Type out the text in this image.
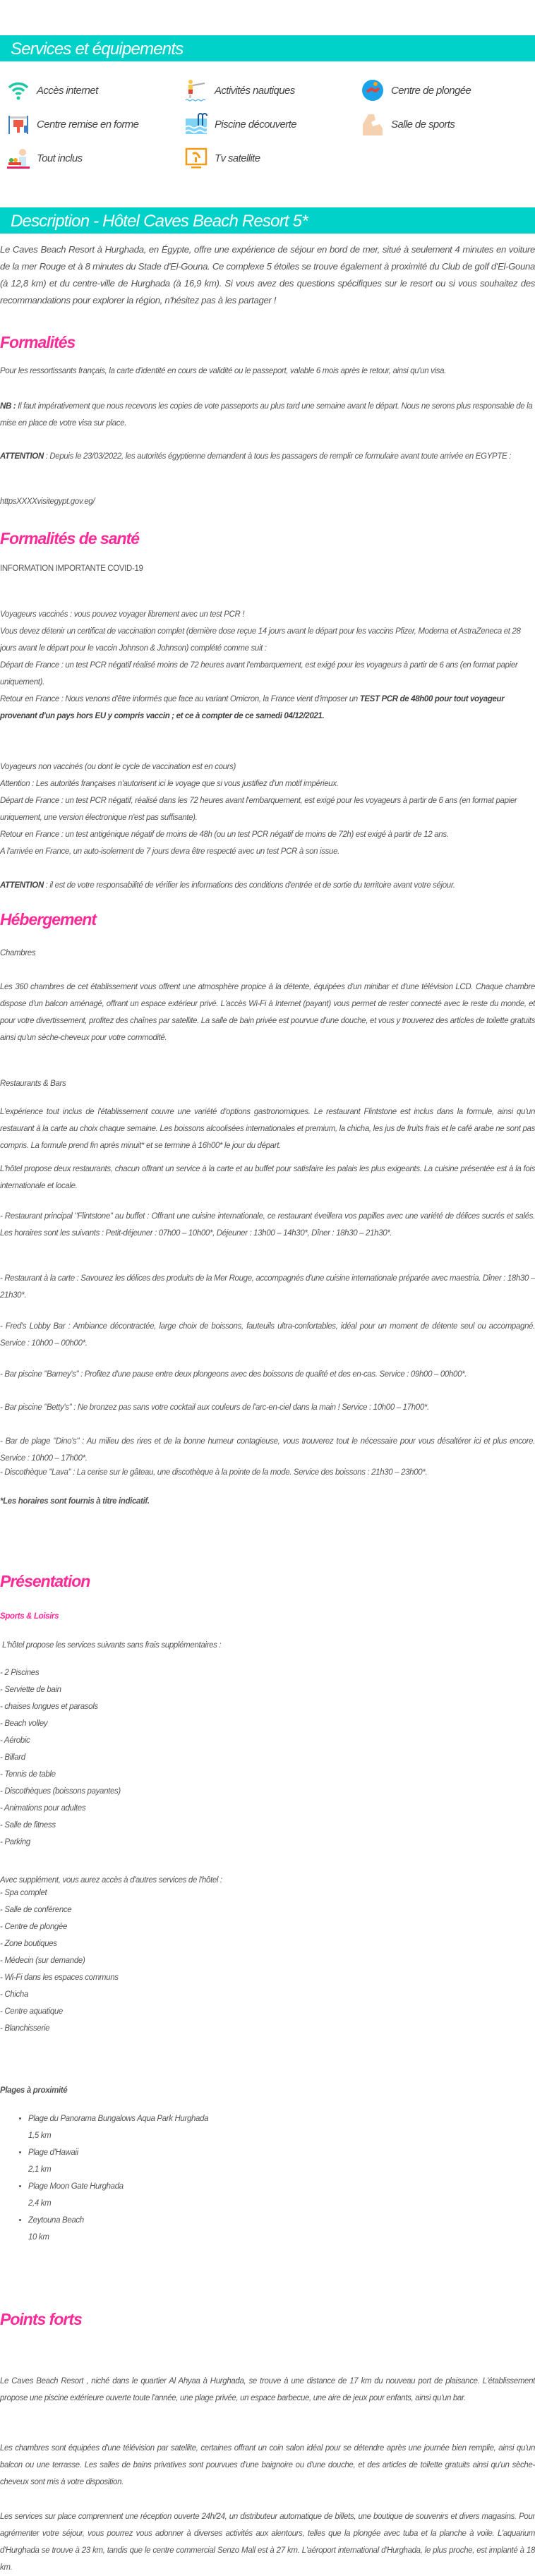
Services et équipements
Accès internet	Activités nautiques	Centre de plongée
Centre remise en forme	Piscine découverte	Salle de sports
Tout inclus	Tv satellite
Description - Hôtel Caves Beach Resort 5*

Le Caves Beach Resort à Hurghada, en Égypte, offre une expérience de séjour en bord de mer, situé à seulement 4 minutes en voiture de la mer Rouge et à 8 minutes du Stade d'El-Gouna. Ce complexe 5 étoiles se trouve également à proximité du Club de golf d'El-Gouna (à 12,8 km) et du centre-ville de Hurghada (à 16,9 km). Si vous avez des questions spécifiques sur le resort ou si vous souhaitez des recommandations pour explorer la région, n'hésitez pas à les partager !

Formalités

Pour les ressortissants français, la carte d'identité en cours de validité ou le passeport, valable 6 mois après le retour, ainsi qu'un visa.

NB : Il faut impérativement que nous recevons les copies de vote passeports au plus tard une semaine avant le départ. Nous ne serons plus responsable de la mise en place de votre visa sur place.

ATTENTION : Depuis le 23/03/2022, les autorités égyptienne demandent à tous les passagers de remplir ce formulaire avant toute arrivée en EGYPTE :

httpsXXXXvisitegypt.gov.eg/

Formalités de santé

INFORMATION IMPORTANTE COVID-19

Voyageurs vaccinés : vous pouvez voyager librement avec un test PCR !

Vous devez détenir un certificat de vaccination complet (dernière dose reçue 14 jours avant le départ pour les vaccins Pfizer, Moderna et AstraZeneca et 28 jours avant le départ pour le vaccin Johnson & Johnson) complété comme suit :

Départ de France : un test PCR négatif réalisé moins de 72 heures avant l'embarquement, est exigé pour les voyageurs à partir de 6 ans (en format papier uniquement).

Retour en France : Nous venons d'être informés que face au variant Omicron, la France vient d'imposer un TEST PCR de 48h00 pour tout voyageur provenant d'un pays hors EU y compris vaccin ; et ce à compter de ce samedi 04/12/2021.

Voyageurs non vaccinés (ou dont le cycle de vaccination est en cours)

Attention : Les autorités françaises n'autorisent ici le voyage que si vous justifiez d'un motif impérieux.

Départ de France : un test PCR négatif, réalisé dans les 72 heures avant l'embarquement, est exigé pour les voyageurs à partir de 6 ans (en format papier uniquement, une version électronique n'est pas suffisante).

Retour en France : un test antigénique négatif de moins de 48h (ou un test PCR négatif de moins de 72h) est exigé à partir de 12 ans.

A l'arrivée en France, un auto-isolement de 7 jours devra être respecté avec un test PCR à son issue.

ATTENTION : il est de votre responsabilité de vérifier les informations des conditions d'entrée et de sortie du territoire avant votre séjour.

Hébergement

Chambres

Les 360 chambres de cet établissement vous offrent une atmosphère propice à la détente, équipées d'un minibar et d'une télévision LCD. Chaque chambre dispose d'un balcon aménagé, offrant un espace extérieur privé. L'accès Wi-Fi à Internet (payant) vous permet de rester connecté avec le reste du monde, et pour votre divertissement, profitez des chaînes par satellite. La salle de bain privée est pourvue d'une douche, et vous y trouverez des articles de toilette gratuits ainsi qu'un sèche-cheveux pour votre commodité.

Restaurants & Bars

L'expérience tout inclus de l'établissement couvre une variété d'options gastronomiques. Le restaurant Flintstone est inclus dans la formule, ainsi qu'un restaurant à la carte au choix chaque semaine. Les boissons alcoolisées internationales et premium, la chicha, les jus de fruits frais et le café arabe ne sont pas compris. La formule prend fin après minuit* et se termine à 16h00* le jour du départ.

L'hôtel propose deux restaurants, chacun offrant un service à la carte et au buffet pour satisfaire les palais les plus exigeants. La cuisine présentée est à la fois internationale et locale.

- Restaurant principal "Flintstone" au buffet : Offrant une cuisine internationale, ce restaurant éveillera vos papilles avec une variété de délices sucrés et salés. Les horaires sont les suivants : Petit-déjeuner : 07h00 – 10h00*, Déjeuner : 13h00 – 14h30*, Dîner : 18h30 – 21h30*.

- Restaurant à la carte : Savourez les délices des produits de la Mer Rouge, accompagnés d'une cuisine internationale préparée avec maestria. Dîner : 18h30 – 21h30*.

- Fred's Lobby Bar : Ambiance décontractée, large choix de boissons, fauteuils ultra-confortables, idéal pour un moment de détente seul ou accompagné. Service : 10h00 – 00h00*.

- Bar piscine "Barney's" : Profitez d'une pause entre deux plongeons avec des boissons de qualité et des en-cas. Service : 09h00 – 00h00*.

- Bar piscine "Betty's" : Ne bronzez pas sans votre cocktail aux couleurs de l'arc-en-ciel dans la main ! Service : 10h00 – 17h00*.

- Bar de plage "Dino's" : Au milieu des rires et de la bonne humeur contagieuse, vous trouverez tout le nécessaire pour vous désaltérer ici et plus encore. Service : 10h00 – 17h00*.

- Discothèque "Lava" : La cerise sur le gâteau, une discothèque à la pointe de la mode. Service des boissons : 21h30 – 23h00*.

*Les horaires sont fournis à titre indicatif.

Présentation

Sports & Loisirs

L'hôtel propose les services suivants sans frais supplémentaires :

- 2 Piscines

- Serviette de bain

- chaises longues et parasols

- Beach volley

- Aérobic

- Billard

- Tennis de table

- Discothèques (boissons payantes)

- Animations pour adultes

- Salle de fitness

- Parking

Avec supplément, vous aurez accès à d'autres services de l'hôtel :

- Spa complet

- Salle de conférence

- Centre de plongée

- Zone boutiques

- Médecin (sur demande)

- Wi-Fi dans les espaces communs

- Chicha

- Centre aquatique

- Blanchisserie

Plages à proximité

• Plage du Panorama Bungalows Aqua Park Hurghada
1,5 km
• Plage d'Hawaii
2,1 km
• Plage Moon Gate Hurghada
2,4 km
• Zeytouna Beach
10 km
Points forts

Le Caves Beach Resort , niché dans le quartier Al Ahyaa à Hurghada, se trouve à une distance de 17 km du nouveau port de plaisance. L'établissement propose une piscine extérieure ouverte toute l'année, une plage privée, un espace barbecue, une aire de jeux pour enfants, ainsi qu'un bar.

Les chambres sont équipées d'une télévision par satellite, certaines offrant un coin salon idéal pour se détendre après une journée bien remplie, ainsi qu'un balcon ou une terrasse. Les salles de bains privatives sont pourvues d'une baignoire ou d'une douche, et des articles de toilette gratuits ainsi qu'un sèche-cheveux sont mis à votre disposition.

Les services sur place comprennent une réception ouverte 24h/24, un distributeur automatique de billets, une boutique de souvenirs et divers magasins. Pour agrémenter votre séjour, vous pourrez vous adonner à diverses activités aux alentours, telles que la plongée avec tuba et la planche à voile. L'aquarium d'Hurghada se trouve à 23 km, tandis que le centre commercial Senzo Mall est à 27 km. L'aéroport international d'Hurghada, le plus proche, est implanté à 18 km.
